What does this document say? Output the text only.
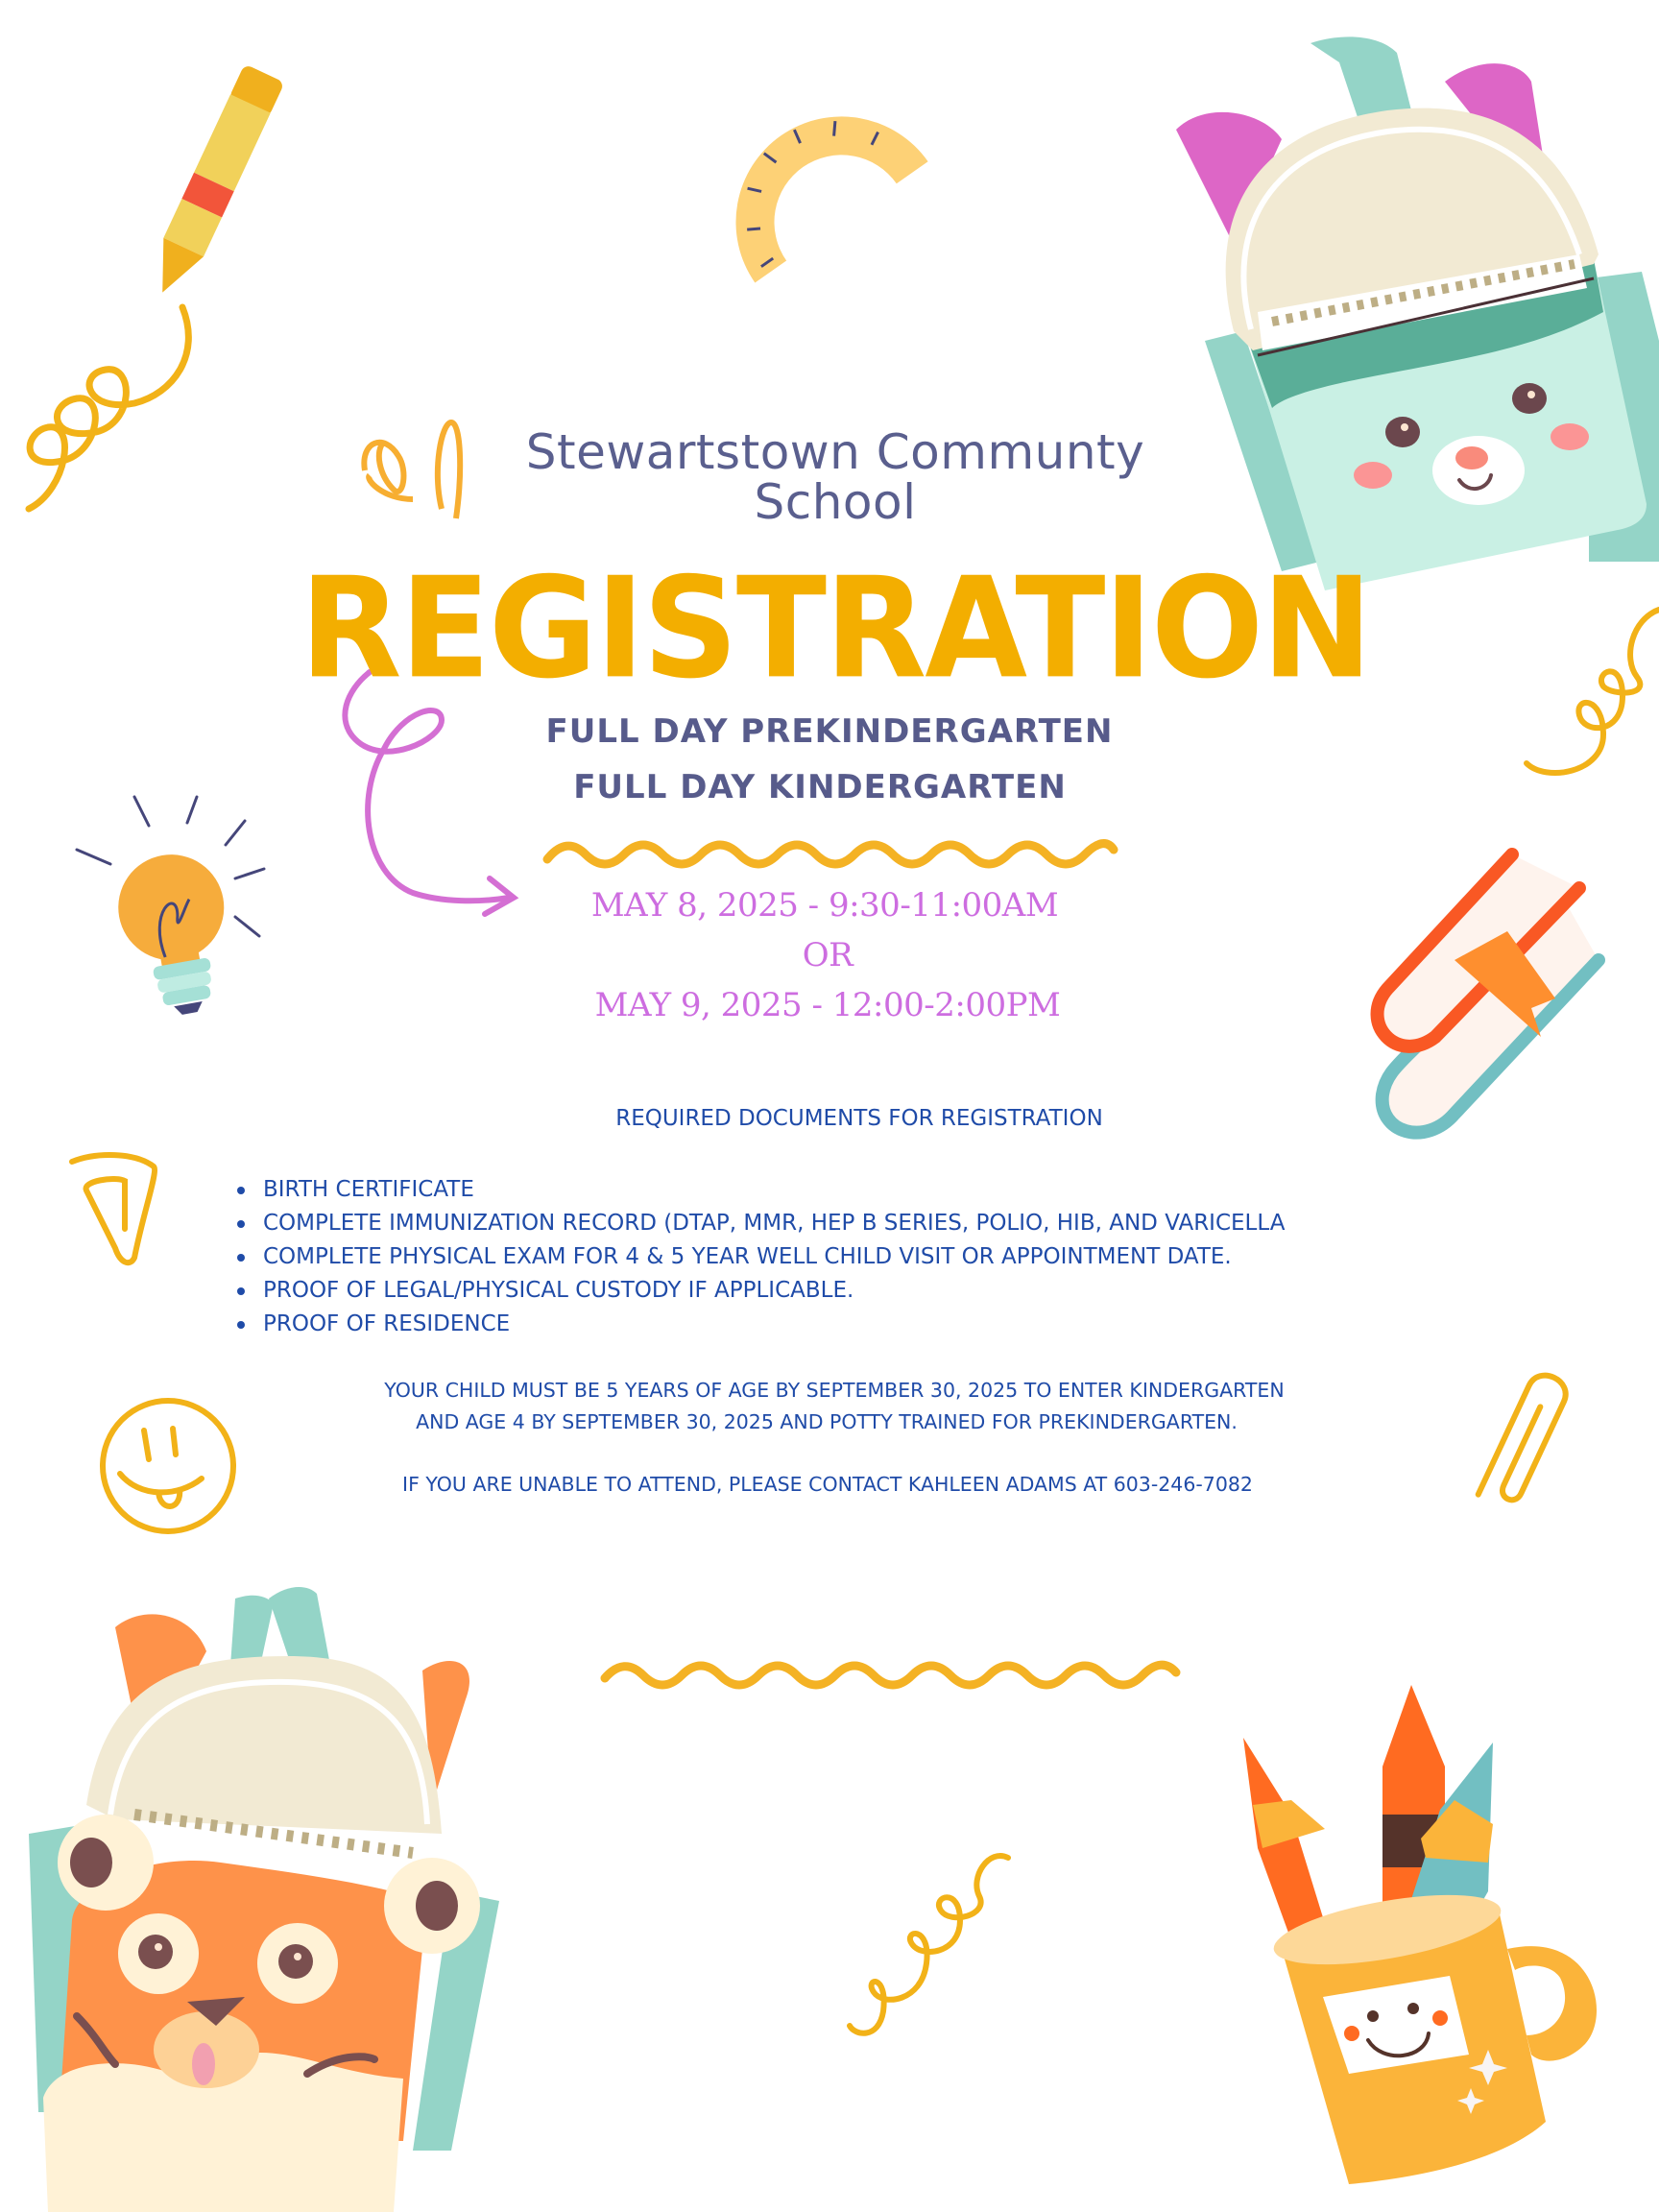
Stewartstown Communty
School
REGISTRATION
FULL DAY PREKINDERGARTEN
FULL DAY KINDERGARTEN
MAY 8, 2025 - 9:30-11:00AM
OR
MAY 9, 2025 - 12:00-2:00PM
REQUIRED DOCUMENTS FOR REGISTRATION
BIRTH CERTIFICATE
COMPLETE IMMUNIZATION RECORD (DTAP, MMR, HEP B SERIES, POLIO, HIB, AND VARICELLA
COMPLETE PHYSICAL EXAM FOR 4 & 5 YEAR WELL CHILD VISIT OR APPOINTMENT DATE.
PROOF OF LEGAL/PHYSICAL CUSTODY IF APPLICABLE.
PROOF OF RESIDENCE
YOUR CHILD MUST BE 5 YEARS OF AGE BY SEPTEMBER 30, 2025 TO ENTER KINDERGARTEN
AND AGE 4 BY SEPTEMBER 30, 2025 AND POTTY TRAINED FOR PREKINDERGARTEN.
IF YOU ARE UNABLE TO ATTEND, PLEASE CONTACT KAHLEEN ADAMS AT 603-246-7082
